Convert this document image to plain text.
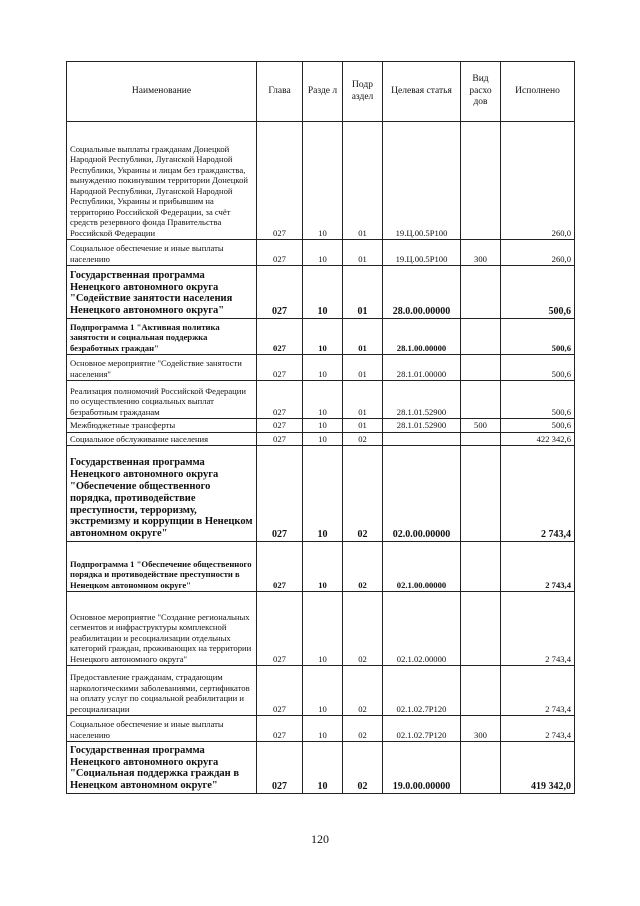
Наименование	Глава	Разде л	Подр аздел	Целевая статья	Вид расхо дов	Исполнено
Социальные выплаты гражданам Донецкой Народной Республики, Луганской Народной Республики, Украины и лицам без гражданства, вынужденно покинувшим территории Донецкой Народной Республики, Луганской Народной Республики, Украины и прибывшим на территорию Российской Федерации, за счёт средств резервного фонда Правительства Российской Федерации	027	10	01	19.Ц.00.5Р100		260,0
Социальное обеспечение и иные выплаты населению	027	10	01	19.Ц.00.5Р100	300	260,0
Государственная программа Ненецкого автономного округа "Содействие занятости населения Ненецкого автономного округа"	027	10	01	28.0.00.00000		500,6
Подпрограмма 1 "Активная политика занятости и социальная поддержка безработных граждан"	027	10	01	28.1.00.00000		500,6
Основное мероприятие "Содействие занятости населения"	027	10	01	28.1.01.00000		500,6
Реализация полномочий Российской Федерации по осуществлению социальных выплат безработным гражданам	027	10	01	28.1.01.52900		500,6
Межбюджетные трансферты	027	10	01	28.1.01.52900	500	500,6
Социальное обслуживание населения	027	10	02			422 342,6
Государственная программа Ненецкого автономного округа "Обеспечение общественного порядка, противодействие преступности, терроризму, экстремизму и коррупции в Ненецком автономном округе"	027	10	02	02.0.00.00000		2 743,4
Подпрограмма 1 "Обеспечение общественного порядка и противодействие преступности в Ненецком автономном округе"	027	10	02	02.1.00.00000		2 743,4
Основное мероприятие "Создание региональных сегментов и инфраструктуры комплексной реабилитации и ресоциализации отдельных категорий граждан, проживающих на территории Ненецкого автономного округа"	027	10	02	02.1.02.00000		2 743,4
Предоставление гражданам, страдающим наркологическими заболеваниями, сертификатов на оплату услуг по социальной реабилитации и ресоциализации	027	10	02	02.1.02.7Р120		2 743,4
Социальное обеспечение и иные выплаты населению	027	10	02	02.1.02.7Р120	300	2 743,4
Государственная программа Ненецкого автономного округа "Социальная поддержка граждан в Ненецком автономном округе"	027	10	02	19.0.00.00000		419 342,0
120
